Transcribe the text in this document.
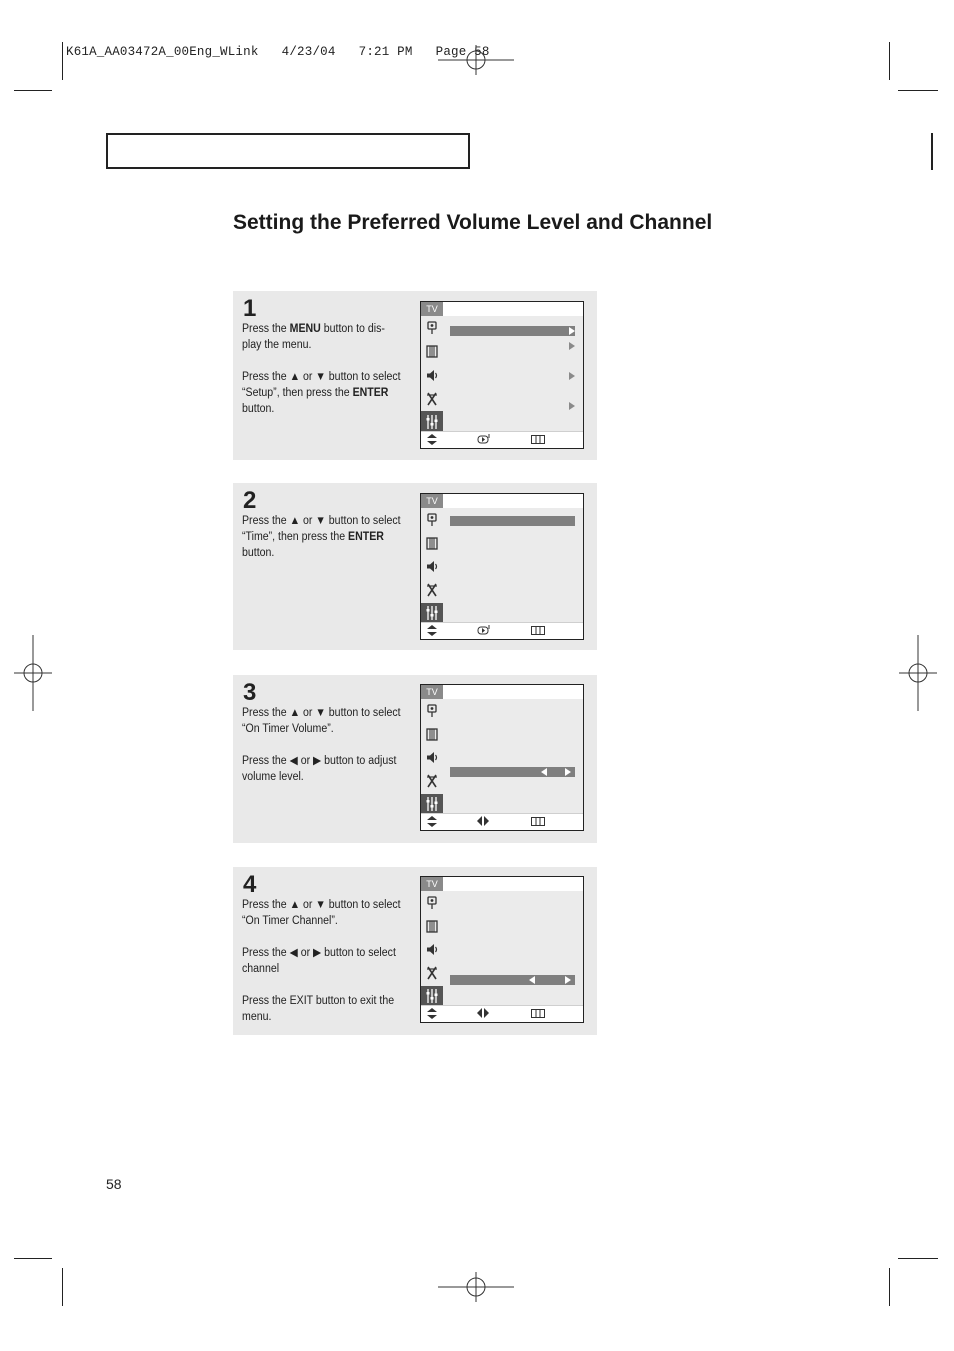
K61A_AA03472A_00Eng_WLink   4/23/04   7:21 PM   Page 58
Setting the Preferred Volume Level and Channel
1

Press the MENU button to dis-play the menu.

Press the ▲ or ▼ button to select “Setup”, then press the ENTER button.

TV
2

Press the ▲ or ▼ button to select “Time”, then press the ENTER button.

TV
3

Press the ▲ or ▼ button to select “On Timer Volume”.

Press the ◀ or ▶ button to adjust volume level.

TV
4

Press the ▲ or ▼ button to select “On Timer Channel”.

Press the ◀ or ▶ button to select channel

Press the EXIT button to exit the menu.

TV
58
